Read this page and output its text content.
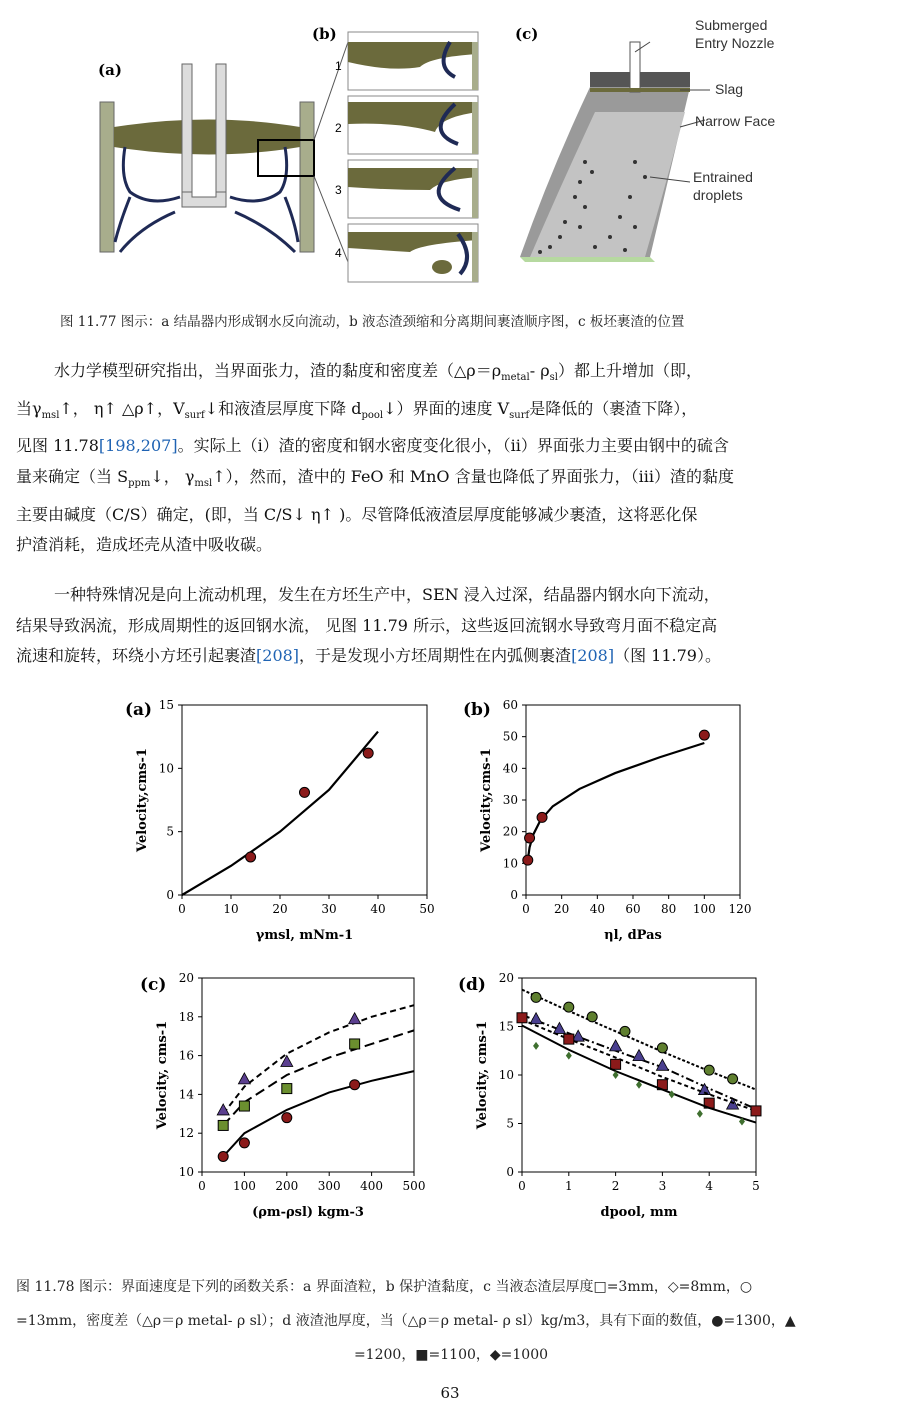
(a)
(b)
1
2
3
4
(c)	Submerged
Entry Nozzle
Slag
Narrow Face
Entrained
droplets
图 11.77 图示：a 结晶器内形成钢水反向流动，b 液态渣颈缩和分离期间裹渣顺序图，c 板坯裹渣的位置

水力学模型研究指出，当界面张力，渣的黏度和密度差（$\triangle\rho=\rho_{metal}-$ $\rho_{sl}$）都上升增加（即，

当$\gamma_{msl}↑$， η↑ △ρ↑，$V_{surf}↓$和液渣层厚度下降 $d_{pool}↓$）界面的速度 $V_{surf}$是降低的（裹渣下降），

见图 11.78[198,207]。实际上（i）渣的密度和钢水密度变化很小，（ii）界面张力主要由钢中的硫含

量来确定（当 $S_{ppm}↓$， $\gamma_{msl}↑$），然而，渣中的 FeO 和 MnO 含量也降低了界面张力，（iii）渣的黏度

主要由碱度（C/S）确定，(即，当 C/S↓ η↑ )。尽管降低液渣层厚度能够减少裹渣，这将恶化保

护渣消耗，造成坯壳从渣中吸收碳。

一种特殊情况是向上流动机理，发生在方坯生产中，SEN 浸入过深，结晶器内钢水向下流动，

结果导致涡流，形成周期性的返回钢水流， 见图 11.79 所示，这些返回流钢水导致弯月面不稳定高

流速和旋转，环绕小方坯引起裹渣[208]，于是发现小方坯周期性在内弧侧裹渣[208]（图 11.79）。

(a)
0	10	20	30	40	50
0
5
10
15
γmsl, mNm-1
Velocity,cms-1
(b)
0 20 40 60 80 100 120
0
10
20
30
40
50
60
ηl, dPas
Velocity,cms-1
(c)
0 100 200 300 400 500
10
12
14
16
18
20
(ρm-ρsl) kgm-3
Velocity, cms-1
(d)
0	1	2	3	4	5
0
5
10
15
20
dpool, mm
Velocity, cms-1
图 11.78 图示：界面速度是下列的函数关系：a 界面渣粒，b 保护渣黏度，c 当液态渣层厚度□=3mm，◇=8mm，○
=13mm，密度差（△ρ＝ρ metal- ρ sl）；d 液渣池厚度，当（△ρ＝ρ metal- ρ sl）kg/m3，具有下面的数值，●=1300，▲
=1200，■=1100，◆=1000
63
